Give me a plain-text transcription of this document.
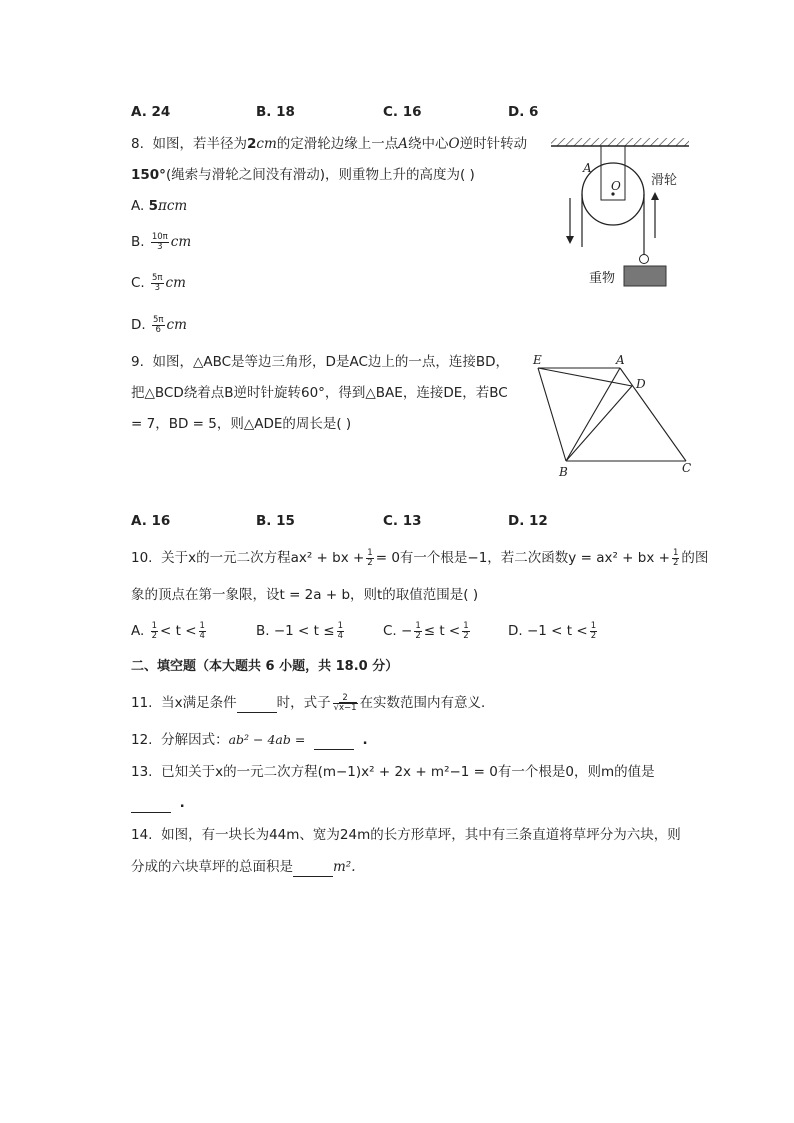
A. 24	B. 18	C. 16	D. 6
8. 如图，若半径为2cm的定滑轮边缘上一点A绕中心O逆时针转动
150°(绳索与滑轮之间没有滑动)，则重物上升的高度为( )
A. 5πcm
B. $\frac{10\pi}{3}$ cm
C. $\frac{5\pi}{3}$ cm
D. $\frac{5\pi}{6}$ cm
A
O 滑轮
重物
9. 如图，△ABC是等边三角形，D是AC边上的一点，连接BD，
把△BCD绕着点B逆时针旋转60°，得到△BAE，连接DE，若BC
= 7，BD = 5，则△ADE的周长是( )
E	A
D
B	C
A. 16	B. 15	C. 13	D. 12
10. 关于x的一元二次方程ax² + bx + $\frac{1}{2} = 0$有一个根是−1，若二次函数y = ax² + bx + $\frac{1}{2}$ 的图
象的顶点在第一象限，设t = 2a + b，则t的取值范围是( )
A. $\frac{1}{2} < t < \frac{1}{4}$	B. $-1 < t \le \frac{1}{4}$	C. − $\frac{1}{2} \le t < \frac{1}{2}$	D. $-1 < t < \frac{1}{2}$
二、填空题（本大题共 6 小题，共 18.0 分）
11. 当x满足条件	时，式子 $\frac{2}{√x-1}$ 在实数范围内有意义．
12. 分解因式：ab² − 4ab =	.
13. 已知关于x的一元二次方程(m−1)x² + 2x + m²−1 = 0有一个根是0，则m的值是
.
14. 如图，有一块长为44m、宽为24m的长方形草坪，其中有三条直道将草坪分为六块，则
分成的六块草坪的总面积是	m².
